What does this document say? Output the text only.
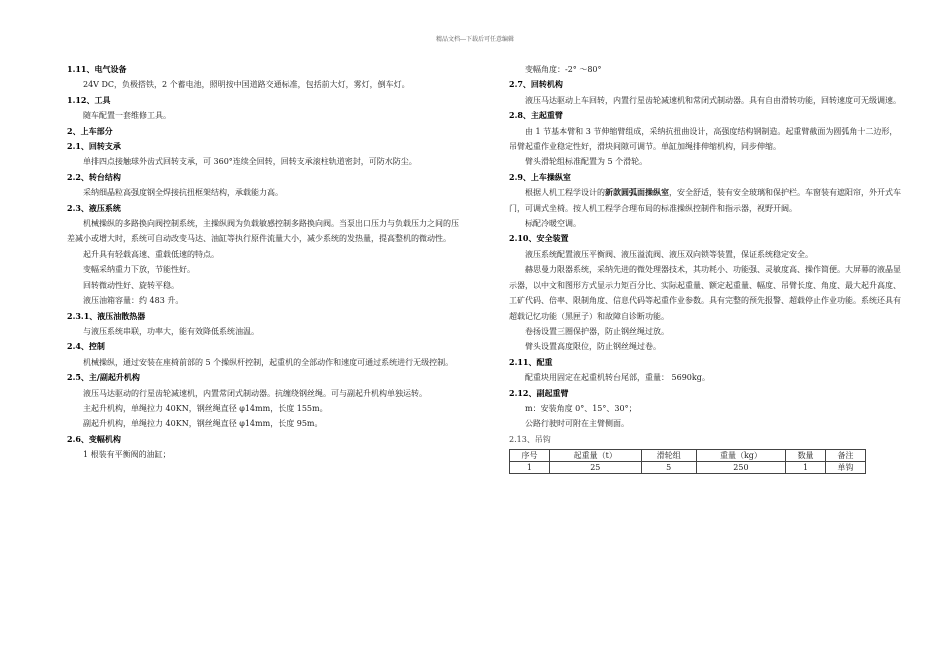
精品文档---下载后可任意编辑
1.11、电气设备
24V DC，负极搭铁，2 个蓄电池，照明按中国道路交通标准，包括前大灯，雾灯，倒车灯。
1.12、工具
随车配置一套维修工具。
2、上车部分
2.1、回转支承
单排四点接触球外齿式回转支承，可 360°连续全回转，回转支承滚柱轨道密封，可防水防尘。
2.2、转台结构
采纳细晶粒高强度钢全焊接抗扭框架结构，承载能力高。
2.3、液压系统
机械操纵的多路换向阀控制系统，主操纵阀为负载敏感控制多路换向阀。当泵出口压力与负载压力之间的压差减小或增大时，系统可自动改变马达、油缸等执行原件流量大小，减少系统的发热量，提高整机的微动性。
起升具有轻载高速、重载低速的特点。
变幅采纳重力下放，节能性好。
回转微动性好、旋转平稳。
液压油箱容量：约 483 升。
2.3.1、液压油散热器
与液压系统串联，功率大，能有效降低系统油温。
2.4、控制
机械操纵，通过安装在座椅前部的 5 个操纵杆控制，起重机的全部动作和速度可通过系统进行无级控制。
2.5、主/副起升机构
液压马达驱动的行星齿轮减速机，内置常闭式制动器。抗缠绕钢丝绳。可与副起升机构单独运转。
主起升机构，单绳拉力 40KN，钢丝绳直径 φ14mm，长度 155m。
副起升机构，单绳拉力 40KN，钢丝绳直径 φ14mm，长度 95m。
2.6、变幅机构
1 根装有平衡阀的油缸；
变幅角度：-2° ～80°
2.7、回转机构
液压马达驱动上车回转，内置行星齿轮减速机和常闭式制动器。具有自由滑转功能，回转速度可无级调速。
2.8、主起重臂
由 1 节基本臂和 3 节伸缩臂组成，采纳抗扭曲设计，高强度结构钢制造。起重臂截面为圆弧角十二边形，吊臂起重作业稳定性好，滑块间隙可调节。单缸加绳排伸缩机构，同步伸缩。
臂头滑轮组标准配置为 5 个滑轮。
2.9、上车操纵室
根据人机工程学设计的新款圆弧面操纵室，安全舒适，装有安全玻璃和保护栏。车窗装有遮阳帘，外开式车门，可调式坐椅。按人机工程学合理布局的标准操纵控制件和指示器，视野开阔。
标配冷暖空调。
2.10、安全装置
液压系统配置液压平衡阀、液压溢流阀、液压双向锁等装置，保证系统稳定安全。
赫思曼力限器系统，采纳先进的微处理器技术，其功耗小、功能强、灵敏度高、操作简便。大屏幕的液晶显示器，以中文和图形方式显示力矩百分比、实际起重量、额定起重量、幅度、吊臂长度、角度、最大起升高度、工矿代码、倍率、限制角度、信息代码等起重作业参数。具有完整的预先报警、超载停止作业功能。系统还具有超载记忆功能（黑匣子）和故障自诊断功能。
卷扬设置三圈保护器，防止钢丝绳过放。
臂头设置高度限位，防止钢丝绳过卷。
2.11、配重
配重块用固定在起重机转台尾部，重量： 5690kg。
2.12、副起重臂
m：安装角度 0°、15°、30°；
公路行驶时可附在主臂侧面。
2.13、吊钩
序号	起重量（t）	滑轮组	重量（kg）	数量	备注
1	25	5	250	1	单钩
